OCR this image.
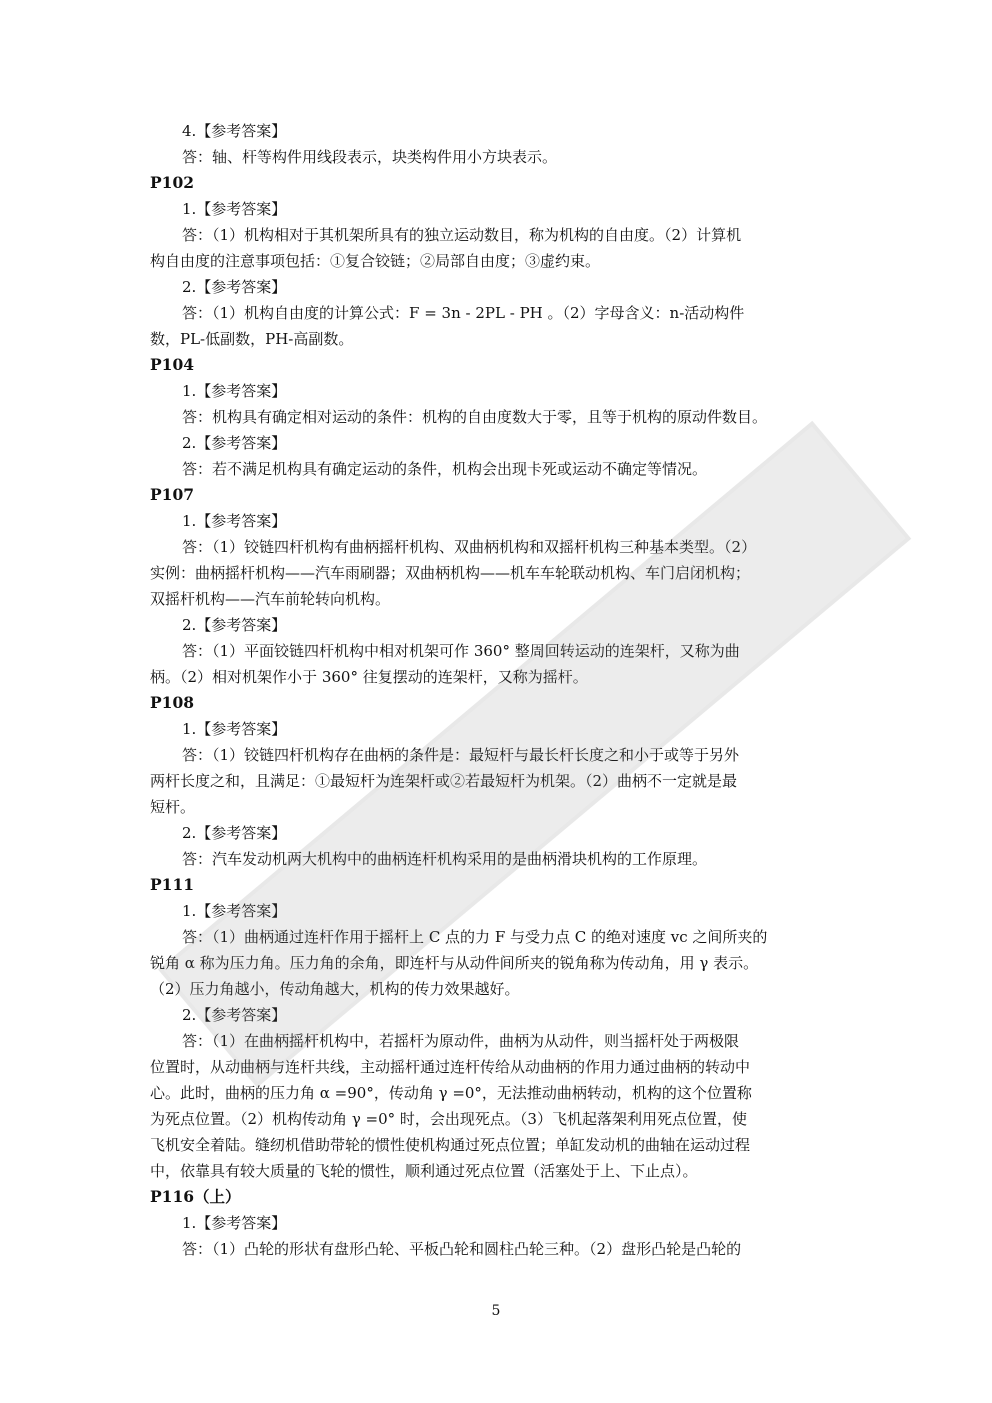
4.【参考答案】
答：轴、杆等构件用线段表示，块类构件用小方块表示。
P102
1.【参考答案】
答：（1）机构相对于其机架所具有的独立运动数目，称为机构的自由度。（2）计算机
构自由度的注意事项包括：①复合铰链；②局部自由度；③虚约束。
2.【参考答案】
答：（1）机构自由度的计算公式：F = 3n - 2PL - PH 。（2）字母含义：n-活动构件
数，PL-低副数，PH-高副数。
P104
1.【参考答案】
答：机构具有确定相对运动的条件：机构的自由度数大于零，且等于机构的原动件数目。
2.【参考答案】
答：若不满足机构具有确定运动的条件，机构会出现卡死或运动不确定等情况。
P107
1.【参考答案】
答：（1）铰链四杆机构有曲柄摇杆机构、双曲柄机构和双摇杆机构三种基本类型。（2）
实例：曲柄摇杆机构——汽车雨刷器；双曲柄机构——机车车轮联动机构、车门启闭机构；
双摇杆机构——汽车前轮转向机构。
2.【参考答案】
答：（1）平面铰链四杆机构中相对机架可作 360° 整周回转运动的连架杆，又称为曲
柄。（2）相对机架作小于 360° 往复摆动的连架杆，又称为摇杆。
P108
1.【参考答案】
答：（1）铰链四杆机构存在曲柄的条件是：最短杆与最长杆长度之和小于或等于另外
两杆长度之和，且满足：①最短杆为连架杆或②若最短杆为机架。（2）曲柄不一定就是最
短杆。
2.【参考答案】
答：汽车发动机两大机构中的曲柄连杆机构采用的是曲柄滑块机构的工作原理。
P111
1.【参考答案】
答：（1）曲柄通过连杆作用于摇杆上 C 点的力 F 与受力点 C 的绝对速度 vc 之间所夹的
锐角 α 称为压力角。压力角的余角，即连杆与从动件间所夹的锐角称为传动角，用 γ 表示。
（2）压力角越小，传动角越大，机构的传力效果越好。
2.【参考答案】
答：（1）在曲柄摇杆机构中，若摇杆为原动件，曲柄为从动件，则当摇杆处于两极限
位置时，从动曲柄与连杆共线，主动摇杆通过连杆传给从动曲柄的作用力通过曲柄的转动中
心。此时，曲柄的压力角 α =90°，传动角 γ =0°，无法推动曲柄转动，机构的这个位置称
为死点位置。（2）机构传动角 γ =0° 时，会出现死点。（3）飞机起落架利用死点位置，使
飞机安全着陆。缝纫机借助带轮的惯性使机构通过死点位置；单缸发动机的曲轴在运动过程
中，依靠具有较大质量的飞轮的惯性，顺利通过死点位置（活塞处于上、下止点）。
P116（上）
1.【参考答案】
答：（1）凸轮的形状有盘形凸轮、平板凸轮和圆柱凸轮三种。（2）盘形凸轮是凸轮的
5
